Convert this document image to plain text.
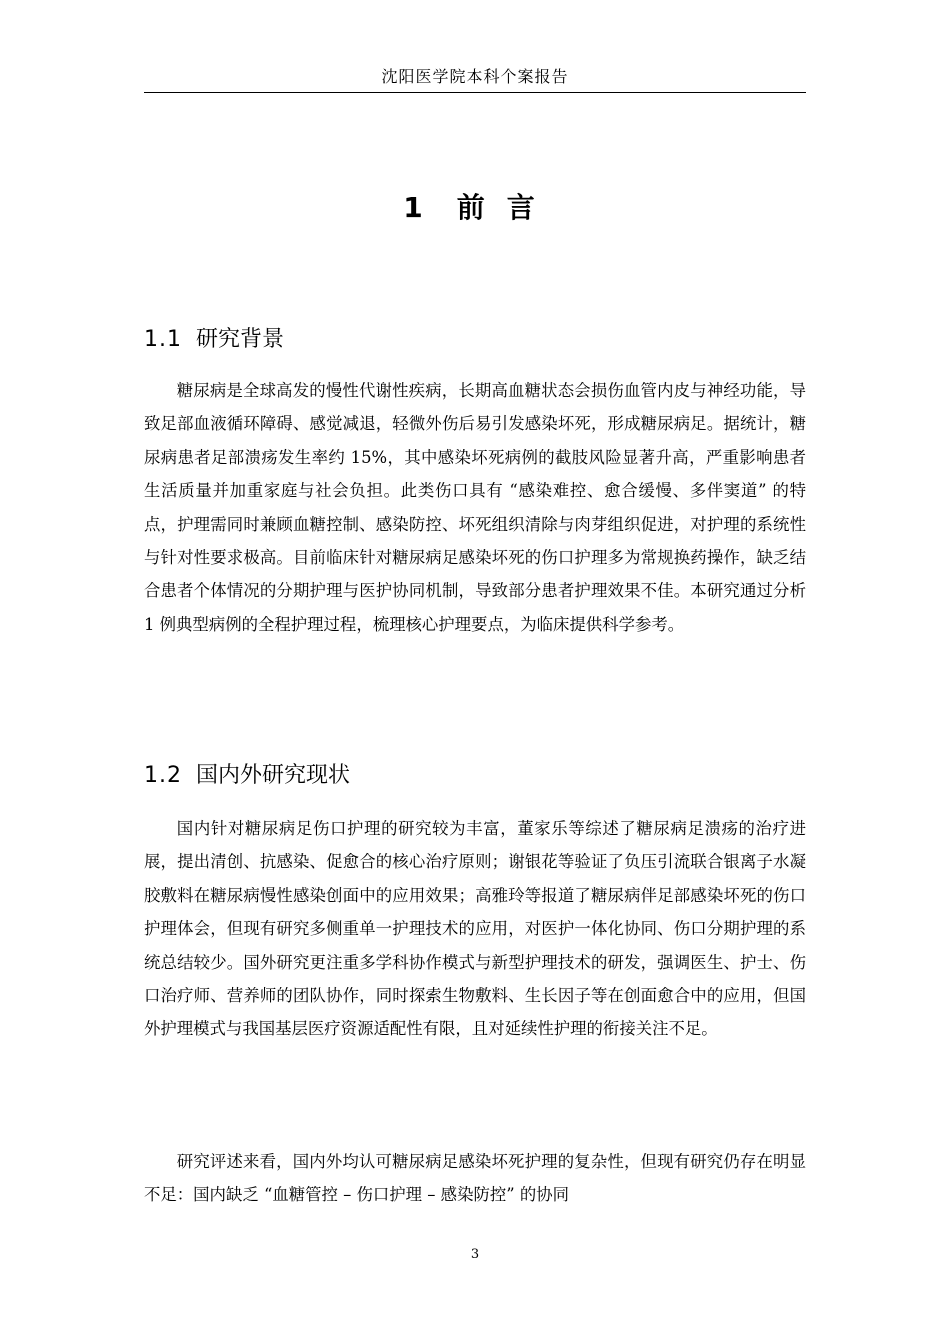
沈阳医学院本科个案报告
1 前 言
1.1 研究背景

糖尿病是全球高发的慢性代谢性疾病，长期高血糖状态会损伤血管内皮与神经功能，导致足部血液循环障碍、感觉减退，轻微外伤后易引发感染坏死，形成糖尿病足。据统计，糖尿病患者足部溃疡发生率约 15%，其中感染坏死病例的截肢风险显著升高，严重影响患者生活质量并加重家庭与社会负担。此类伤口具有 “感染难控、愈合缓慢、多伴窦道” 的特点，护理需同时兼顾血糖控制、感染防控、坏死组织清除与肉芽组织促进，对护理的系统性与针对性要求极高。目前临床针对糖尿病足感染坏死的伤口护理多为常规换药操作，缺乏结合患者个体情况的分期护理与医护协同机制，导致部分患者护理效果不佳。本研究通过分析 1 例典型病例的全程护理过程，梳理核心护理要点，为临床提供科学参考。

1.2 国内外研究现状

国内针对糖尿病足伤口护理的研究较为丰富，董家乐等综述了糖尿病足溃疡的治疗进展，提出清创、抗感染、促愈合的核心治疗原则；谢银花等验证了负压引流联合银离子水凝胶敷料在糖尿病慢性感染创面中的应用效果；高雅玲等报道了糖尿病伴足部感染坏死的伤口护理体会，但现有研究多侧重单一护理技术的应用，对医护一体化协同、伤口分期护理的系统总结较少。国外研究更注重多学科协作模式与新型护理技术的研发，强调医生、护士、伤口治疗师、营养师的团队协作，同时探索生物敷料、生长因子等在创面愈合中的应用，但国外护理模式与我国基层医疗资源适配性有限，且对延续性护理的衔接关注不足。

研究评述来看，国内外均认可糖尿病足感染坏死护理的复杂性，但现有研究仍存在明显不足：国内缺乏 “血糖管控 – 伤口护理 – 感染防控” 的协同

3
